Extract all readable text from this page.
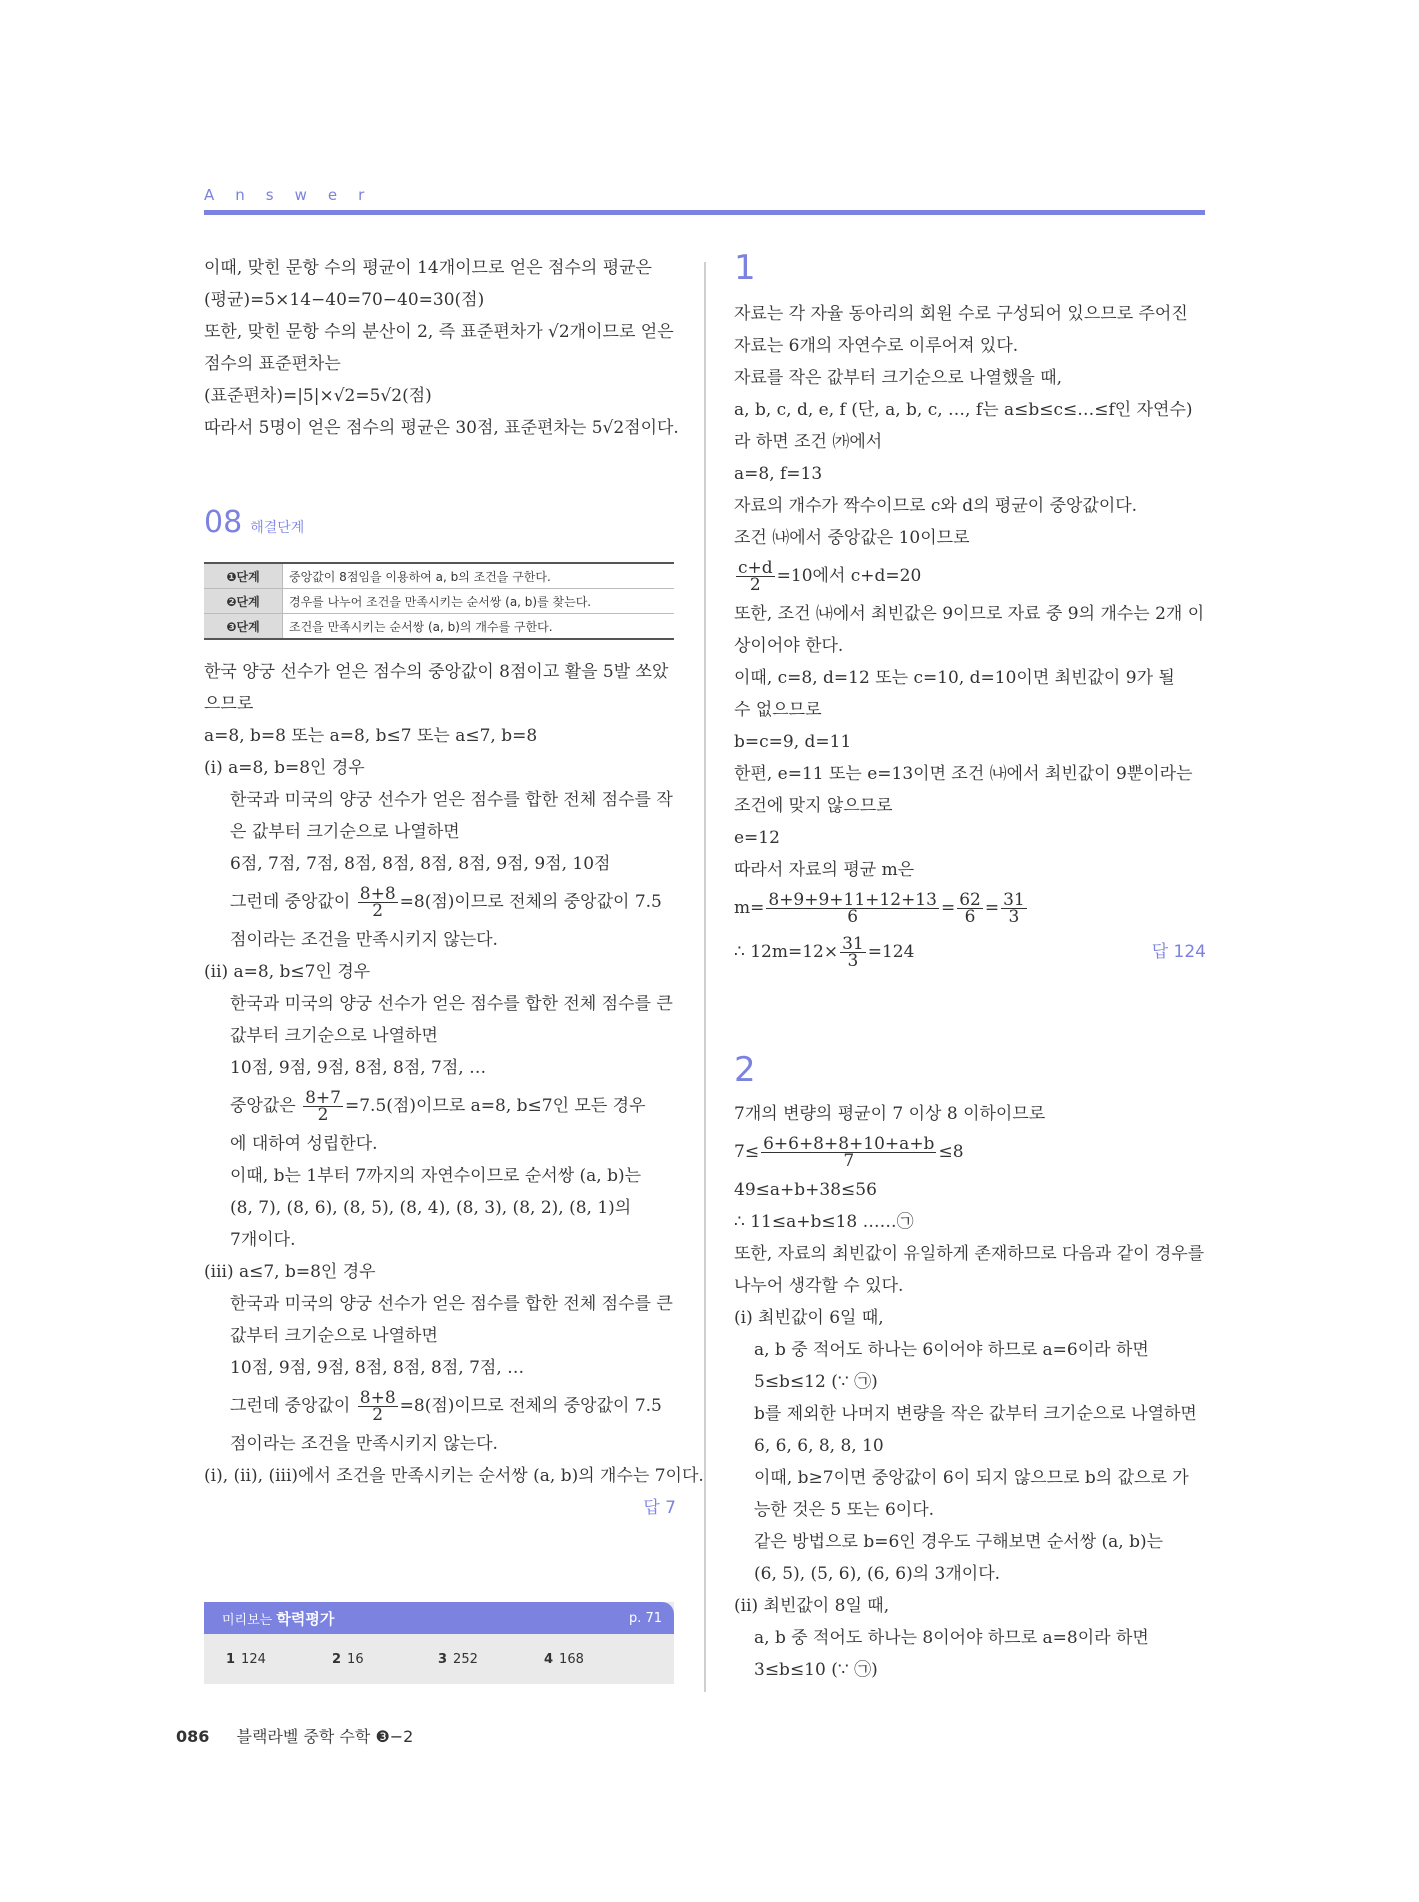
Answer
이때, 맞힌 문항 수의 평균이 14개이므로 얻은 점수의 평균은
(평균)=5×14−40=70−40=30(점)
또한, 맞힌 문항 수의 분산이 2, 즉 표준편차가 √2개이므로 얻은
점수의 표준편차는
(표준편차)=|5|×√2=5√2(점)
따라서 5명이 얻은 점수의 평균은 30점, 표준편차는 5√2점이다.
08 해결단계
❶단계	중앙값이 8점임을 이용하여 a, b의 조건을 구한다.
❷단계	경우를 나누어 조건을 만족시키는 순서쌍 (a, b)를 찾는다.
❸단계	조건을 만족시키는 순서쌍 (a, b)의 개수를 구한다.
한국 양궁 선수가 얻은 점수의 중앙값이 8점이고 활을 5발 쏘았
으므로
a=8, b=8 또는 a=8, b≤7 또는 a≤7, b=8
(ⅰ) a=8, b=8인 경우
한국과 미국의 양궁 선수가 얻은 점수를 합한 전체 점수를 작
은 값부터 크기순으로 나열하면
6점, 7점, 7점, 8점, 8점, 8점, 8점, 9점, 9점, 10점
그런데 중앙값이 $\frac{8+8}{2} =8$(점)이므로 전체의 중앙값이 7.5
점이라는 조건을 만족시키지 않는다.
(ⅱ) a=8, b≤7인 경우
한국과 미국의 양궁 선수가 얻은 점수를 합한 전체 점수를 큰
값부터 크기순으로 나열하면
10점, 9점, 9점, 8점, 8점, 7점, …
중앙값은 $\frac{8+7}{2} =7.5$(점)이므로 a=8, b≤7인 모든 경우
에 대하여 성립한다.
이때, b는 1부터 7까지의 자연수이므로 순서쌍 (a, b)는
(8, 7), (8, 6), (8, 5), (8, 4), (8, 3), (8, 2), (8, 1)의
7개이다.
(ⅲ) a≤7, b=8인 경우
한국과 미국의 양궁 선수가 얻은 점수를 합한 전체 점수를 큰
값부터 크기순으로 나열하면
10점, 9점, 9점, 8점, 8점, 8점, 7점, …
그런데 중앙값이 $\frac{8+8}{2} =8$(점)이므로 전체의 중앙값이 7.5
점이라는 조건을 만족시키지 않는다.
(ⅰ), (ⅱ), (ⅲ)에서 조건을 만족시키는 순서쌍 (a, b)의 개수는 7이다.
답 7
미리보는 학력평가	p. 71
1 124	2 16	3 252	4 168
1
자료는 각 자율 동아리의 회원 수로 구성되어 있으므로 주어진
자료는 6개의 자연수로 이루어져 있다.
자료를 작은 값부터 크기순으로 나열했을 때,
a, b, c, d, e, f (단, a, b, c, …, f는 a≤b≤c≤…≤f인 자연수)
라 하면 조건 ㈎에서
a=8, f=13
자료의 개수가 짝수이므로 c와 d의 평균이 중앙값이다.
조건 ㈏에서 중앙값은 10이므로
$\frac{c+d}{2} =10$에서 c+d=20
또한, 조건 ㈏에서 최빈값은 9이므로 자료 중 9의 개수는 2개 이
상이어야 한다.
이때, c=8, d=12 또는 c=10, d=10이면 최빈값이 9가 될
수 없으므로
b=c=9, d=11
한편, e=11 또는 e=13이면 조건 ㈏에서 최빈값이 9뿐이라는
조건에 맞지 않으므로
e=12
따라서 자료의 평균 m은
$m= \frac{8+9+9+11+12+13}{6} = \frac{62}{6} = \frac{31}{3}$
∴ $12m=12\times \frac{31}{3} =124$	답 124
2
7개의 변량의 평균이 7 이상 8 이하이므로
$7\le \frac{6+6+8+8+10+a+b}{7} \le 8$
49≤a+b+38≤56
∴ 11≤a+b≤18 ……㉠
또한, 자료의 최빈값이 유일하게 존재하므로 다음과 같이 경우를
나누어 생각할 수 있다.
(ⅰ) 최빈값이 6일 때,
a, b 중 적어도 하나는 6이어야 하므로 a=6이라 하면
5≤b≤12 (∵ ㉠)
b를 제외한 나머지 변량을 작은 값부터 크기순으로 나열하면
6, 6, 6, 8, 8, 10
이때, b≥7이면 중앙값이 6이 되지 않으므로 b의 값으로 가
능한 것은 5 또는 6이다.
같은 방법으로 b=6인 경우도 구해보면 순서쌍 (a, b)는
(6, 5), (5, 6), (6, 6)의 3개이다.
(ⅱ) 최빈값이 8일 때,
a, b 중 적어도 하나는 8이어야 하므로 a=8이라 하면
3≤b≤10 (∵ ㉠)
086 블랙라벨 중학 수학 ❸−2
